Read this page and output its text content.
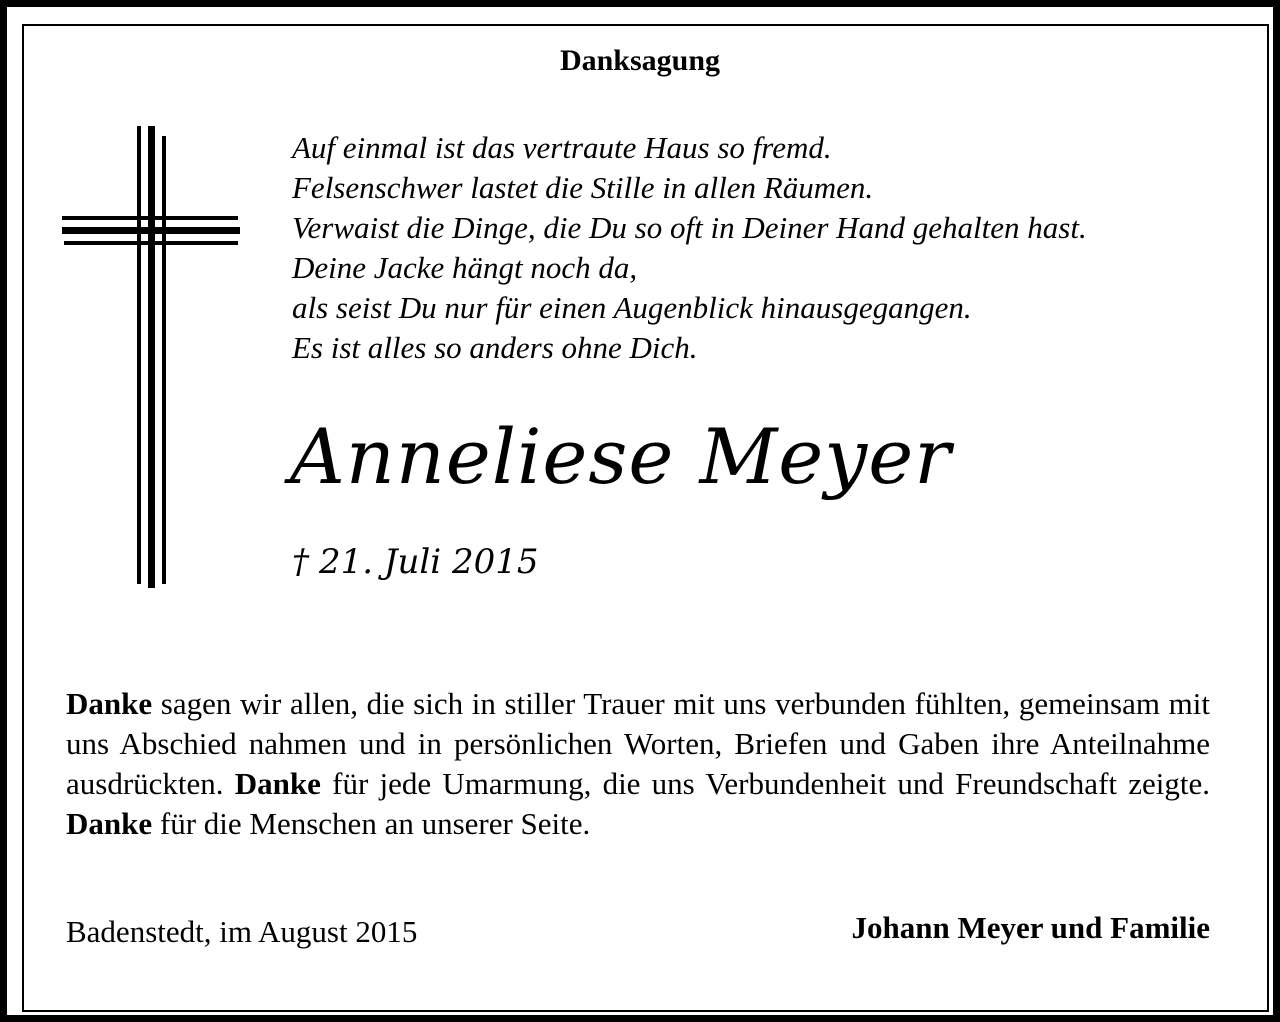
Danksagung
Auf einmal ist das vertraute Haus so fremd.
Felsenschwer lastet die Stille in allen Räumen.
Verwaist die Dinge, die Du so oft in Deiner Hand gehalten hast.
Deine Jacke hängt noch da,
als seist Du nur für einen Augenblick hinausgegangen.
Es ist alles so anders ohne Dich.
Anneliese Meyer
† 21. Juli 2015
Danke sagen wir allen, die sich in stiller Trauer mit uns verbunden fühlten, gemeinsam mit uns Abschied nahmen und in persönlichen Worten, Briefen und Gaben ihre Anteilnahme ausdrückten. Danke für jede Umarmung, die uns Verbundenheit und Freundschaft zeigte. Danke für die Menschen an unserer Seite.
Badenstedt, im August 2015	Johann Meyer und Familie
